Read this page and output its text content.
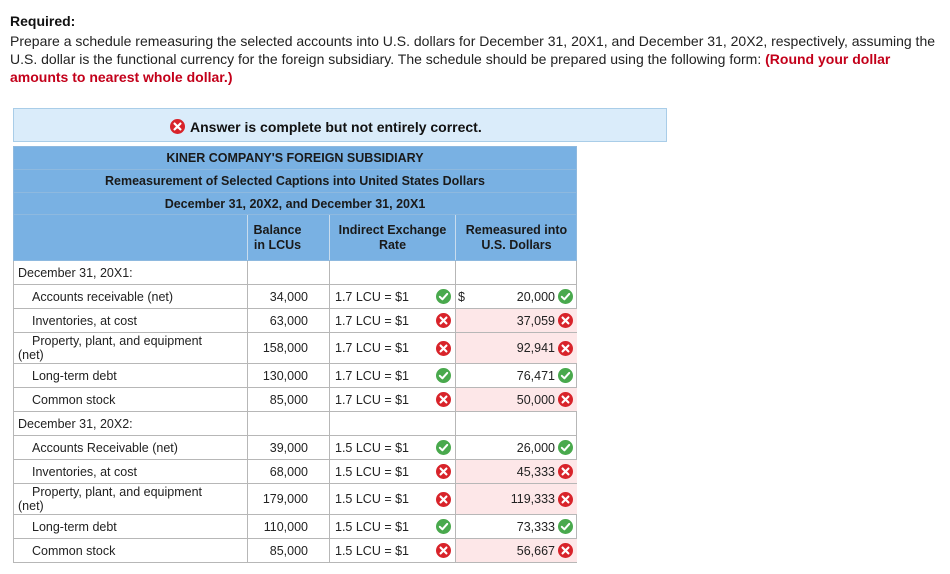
Required:
Prepare a schedule remeasuring the selected accounts into U.S. dollars for December 31, 20X1, and December 31, 20X2, respectively, assuming the U.S. dollar is the functional currency for the foreign subsidiary. The schedule should be prepared using the following form: (Round your dollar amounts to nearest whole dollar.)
Answer is complete but not entirely correct.
KINER COMPANY'S FOREIGN SUBSIDIARY
Remeasurement of Selected Captions into United States Dollars
December 31, 20X2, and December 31, 20X1
Balance in LCUs
Indirect Exchange Rate
Remeasured into U.S. Dollars
December 31, 20X1:
Accounts receivable (net)	34,000 1.7 LCU = $1	$	20,000
Inventories, at cost	63,000 1.7 LCU = $1	37,059
Property, plant, and equipment
(net)	158,000 1.7 LCU = $1	92,941
Long-term debt	130,000 1.7 LCU = $1	76,471
Common stock	85,000 1.7 LCU = $1	50,000
December 31, 20X2:
Accounts Receivable (net)	39,000 1.5 LCU = $1	26,000
Inventories, at cost	68,000 1.5 LCU = $1	45,333
Property, plant, and equipment
(net)	179,000 1.5 LCU = $1	119,333
Long-term debt	110,000 1.5 LCU = $1	73,333
Common stock	85,000 1.5 LCU = $1	56,667
